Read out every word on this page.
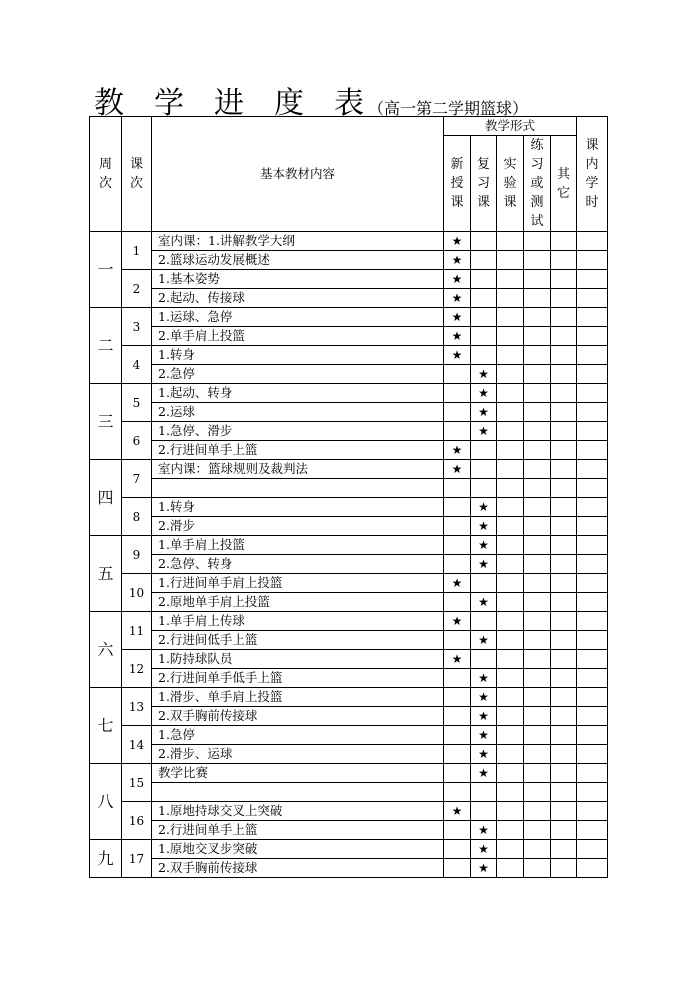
教学进度表（高一第二学期篮球）
周次	课次	基本教材内容	教学形式					课内学时
			新授课	复习课	实验课	练习或测试	其它	
一	1	室内课：1.讲解教学大纲	★					
		2.篮球运动发展概述	★					
	2	1.基本姿势	★					
		2.起动、传接球	★					
二	3	1.运球、急停	★					
		2.单手肩上投篮	★					
	4	1.转身	★					
		2.急停		★				
三	5	1.起动、转身		★				
		2.运球		★				
	6	1.急停、滑步		★				
		2.行进间单手上篮	★					
四	7	室内课：篮球规则及裁判法	★					

	8	1.转身		★				
		2.滑步		★				
五	9	1.单手肩上投篮		★				
		2.急停、转身		★				
	10	1.行进间单手肩上投篮	★					
		2.原地单手肩上投篮		★				
六	11	1.单手肩上传球	★					
		2.行进间低手上篮		★				
	12	1.防持球队员	★					
		2.行进间单手低手上篮		★				
七	13	1.滑步、单手肩上投篮		★				
		2.双手胸前传接球		★				
	14	1.急停		★				
		2.滑步、运球		★				
八	15	教学比赛		★				

	16	1.原地持球交叉上突破	★					
		2.行进间单手上篮		★				
九	17	1.原地交叉步突破		★				
		2.双手胸前传接球		★				
